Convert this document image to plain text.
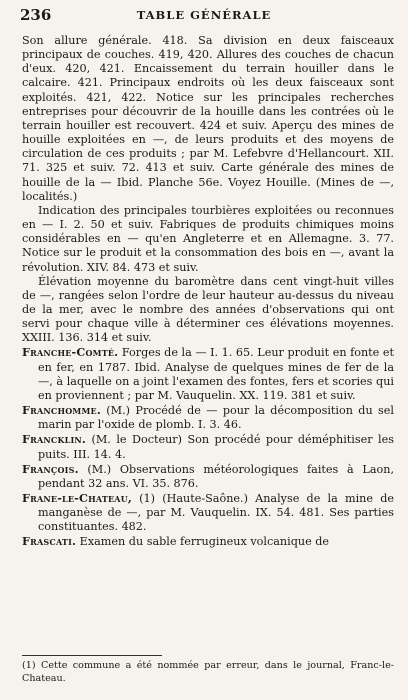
236	TABLE GÉNÉRALE

Son allure générale. 418. Sa division en deux faisceaux principaux de couches. 419, 420. Allures des couches de chacun d'eux. 420, 421. Encaissement du terrain houiller dans le calcaire. 421. Principaux endroits où les deux faisceaux sont exploités. 421, 422. Notice sur les principales recherches entreprises pour découvrir de la houille dans les contrées où le terrain houiller est recouvert. 424 et suiv. Aperçu des mines de houille exploitées en —, de leurs produits et des moyens de circulation de ces produits ; par M. Lefebvre d'Hellancourt. XII. 71. 325 et suiv. 72. 413 et suiv. Carte générale des mines de houille de la — Ibid. Planche 56e. Voyez Houille. (Mines de —, localités.)

Indication des principales tourbières exploitées ou reconnues en — I. 2. 50 et suiv. Fabriques de produits chimiques moins considérables en — qu'en Angleterre et en Allemagne. 3. 77. Notice sur le produit et la consommation des bois en —, avant la révolution. XIV. 84. 473 et suiv.

Élévation moyenne du baromètre dans cent vingt-huit villes de —, rangées selon l'ordre de leur hauteur au-dessus du niveau de la mer, avec le nombre des années d'observations qui ont servi pour chaque ville à déterminer ces élévations moyennes. XXIII. 136. 314 et suiv.

Franche-Comté. Forges de la — I. 1. 65. Leur produit en fonte et en fer, en 1787. Ibid. Analyse de quelques mines de fer de la —, à laquelle on a joint l'examen des fontes, fers et scories qui en proviennent ; par M. Vauquelin. XX. 119. 381 et suiv.

Franchomme. (M.) Procédé de — pour la décomposition du sel marin par l'oxide de plomb. I. 3. 46.

Francklin. (M. le Docteur) Son procédé pour déméphitiser les puits. III. 14. 4.

François. (M.) Observations météorologiques faites à Laon, pendant 32 ans. VI. 35. 876.

Frane-le-Chateau, (1) (Haute-Saône.) Analyse de la mine de manganèse de —, par M. Vauquelin. IX. 54. 481. Ses parties constituantes. 482.

Frascati. Examen du sable ferrugineux volcanique de

(1) Cette commune a été nommée par erreur, dans le journal, Franc-le-Chateau.
